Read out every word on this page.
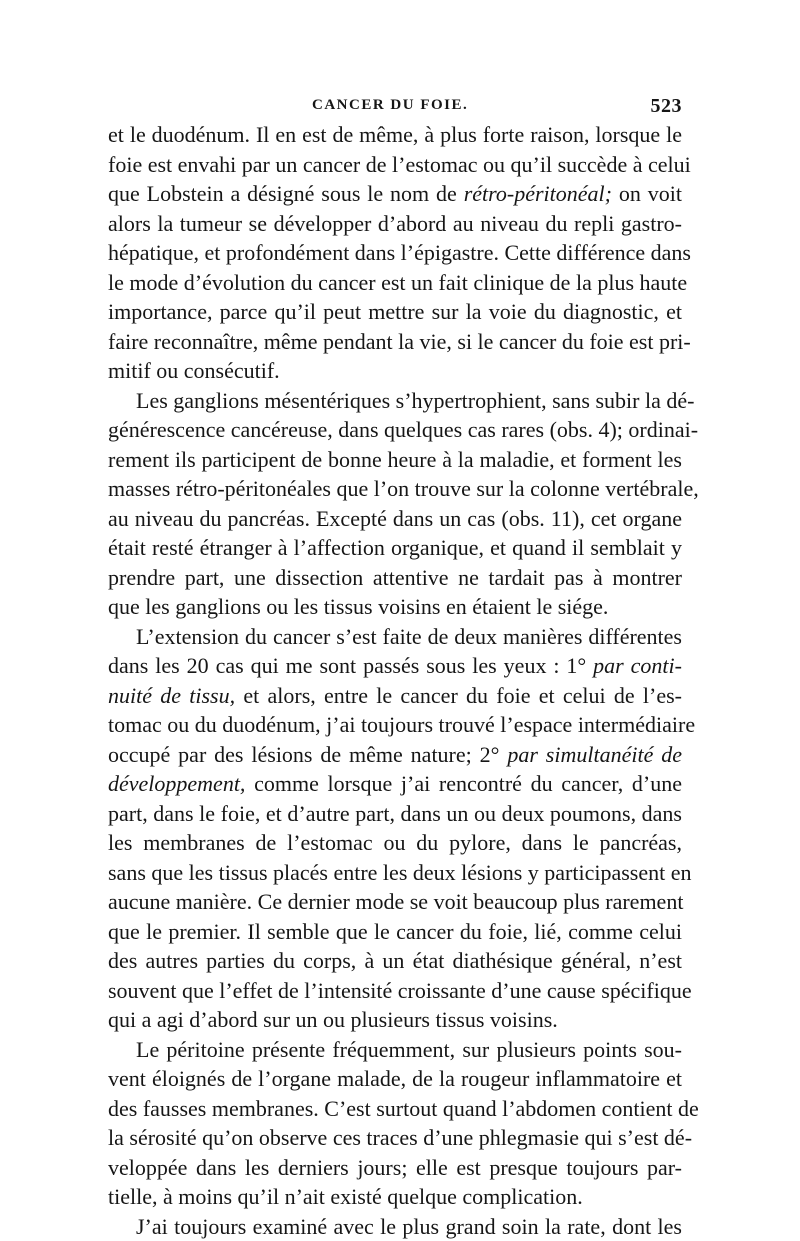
CANCER DU FOIE.	523
et le duodénum. Il en est de même, à plus forte raison, lorsque le
foie est envahi par un cancer de l’estomac ou qu’il succède à celui
que Lobstein a désigné sous le nom de rétro-péritonéal; on voit
alors la tumeur se développer d’abord au niveau du repli gastro-
hépatique, et profondément dans l’épigastre. Cette différence dans
le mode d’évolution du cancer est un fait clinique de la plus haute
importance, parce qu’il peut mettre sur la voie du diagnostic, et
faire reconnaître, même pendant la vie, si le cancer du foie est pri-
mitif ou consécutif.
Les ganglions mésentériques s’hypertrophient, sans subir la dé-
générescence cancéreuse, dans quelques cas rares (obs. 4); ordinai-
rement ils participent de bonne heure à la maladie, et forment les
masses rétro-péritonéales que l’on trouve sur la colonne vertébrale,
au niveau du pancréas. Excepté dans un cas (obs. 11), cet organe
était resté étranger à l’affection organique, et quand il semblait y
prendre part, une dissection attentive ne tardait pas à montrer
que les ganglions ou les tissus voisins en étaient le siége.
L’extension du cancer s’est faite de deux manières différentes
dans les 20 cas qui me sont passés sous les yeux : 1° par conti-
nuité de tissu, et alors, entre le cancer du foie et celui de l’es-
tomac ou du duodénum, j’ai toujours trouvé l’espace intermédiaire
occupé par des lésions de même nature; 2° par simultanéité de
développement, comme lorsque j’ai rencontré du cancer, d’une
part, dans le foie, et d’autre part, dans un ou deux poumons, dans
les membranes de l’estomac ou du pylore, dans le pancréas,
sans que les tissus placés entre les deux lésions y participassent en
aucune manière. Ce dernier mode se voit beaucoup plus rarement
que le premier. Il semble que le cancer du foie, lié, comme celui
des autres parties du corps, à un état diathésique général, n’est
souvent que l’effet de l’intensité croissante d’une cause spécifique
qui a agi d’abord sur un ou plusieurs tissus voisins.
Le péritoine présente fréquemment, sur plusieurs points sou-
vent éloignés de l’organe malade, de la rougeur inflammatoire et
des fausses membranes. C’est surtout quand l’abdomen contient de
la sérosité qu’on observe ces traces d’une phlegmasie qui s’est dé-
veloppée dans les derniers jours; elle est presque toujours par-
tielle, à moins qu’il n’ait existé quelque complication.
J’ai toujours examiné avec le plus grand soin la rate, dont les
